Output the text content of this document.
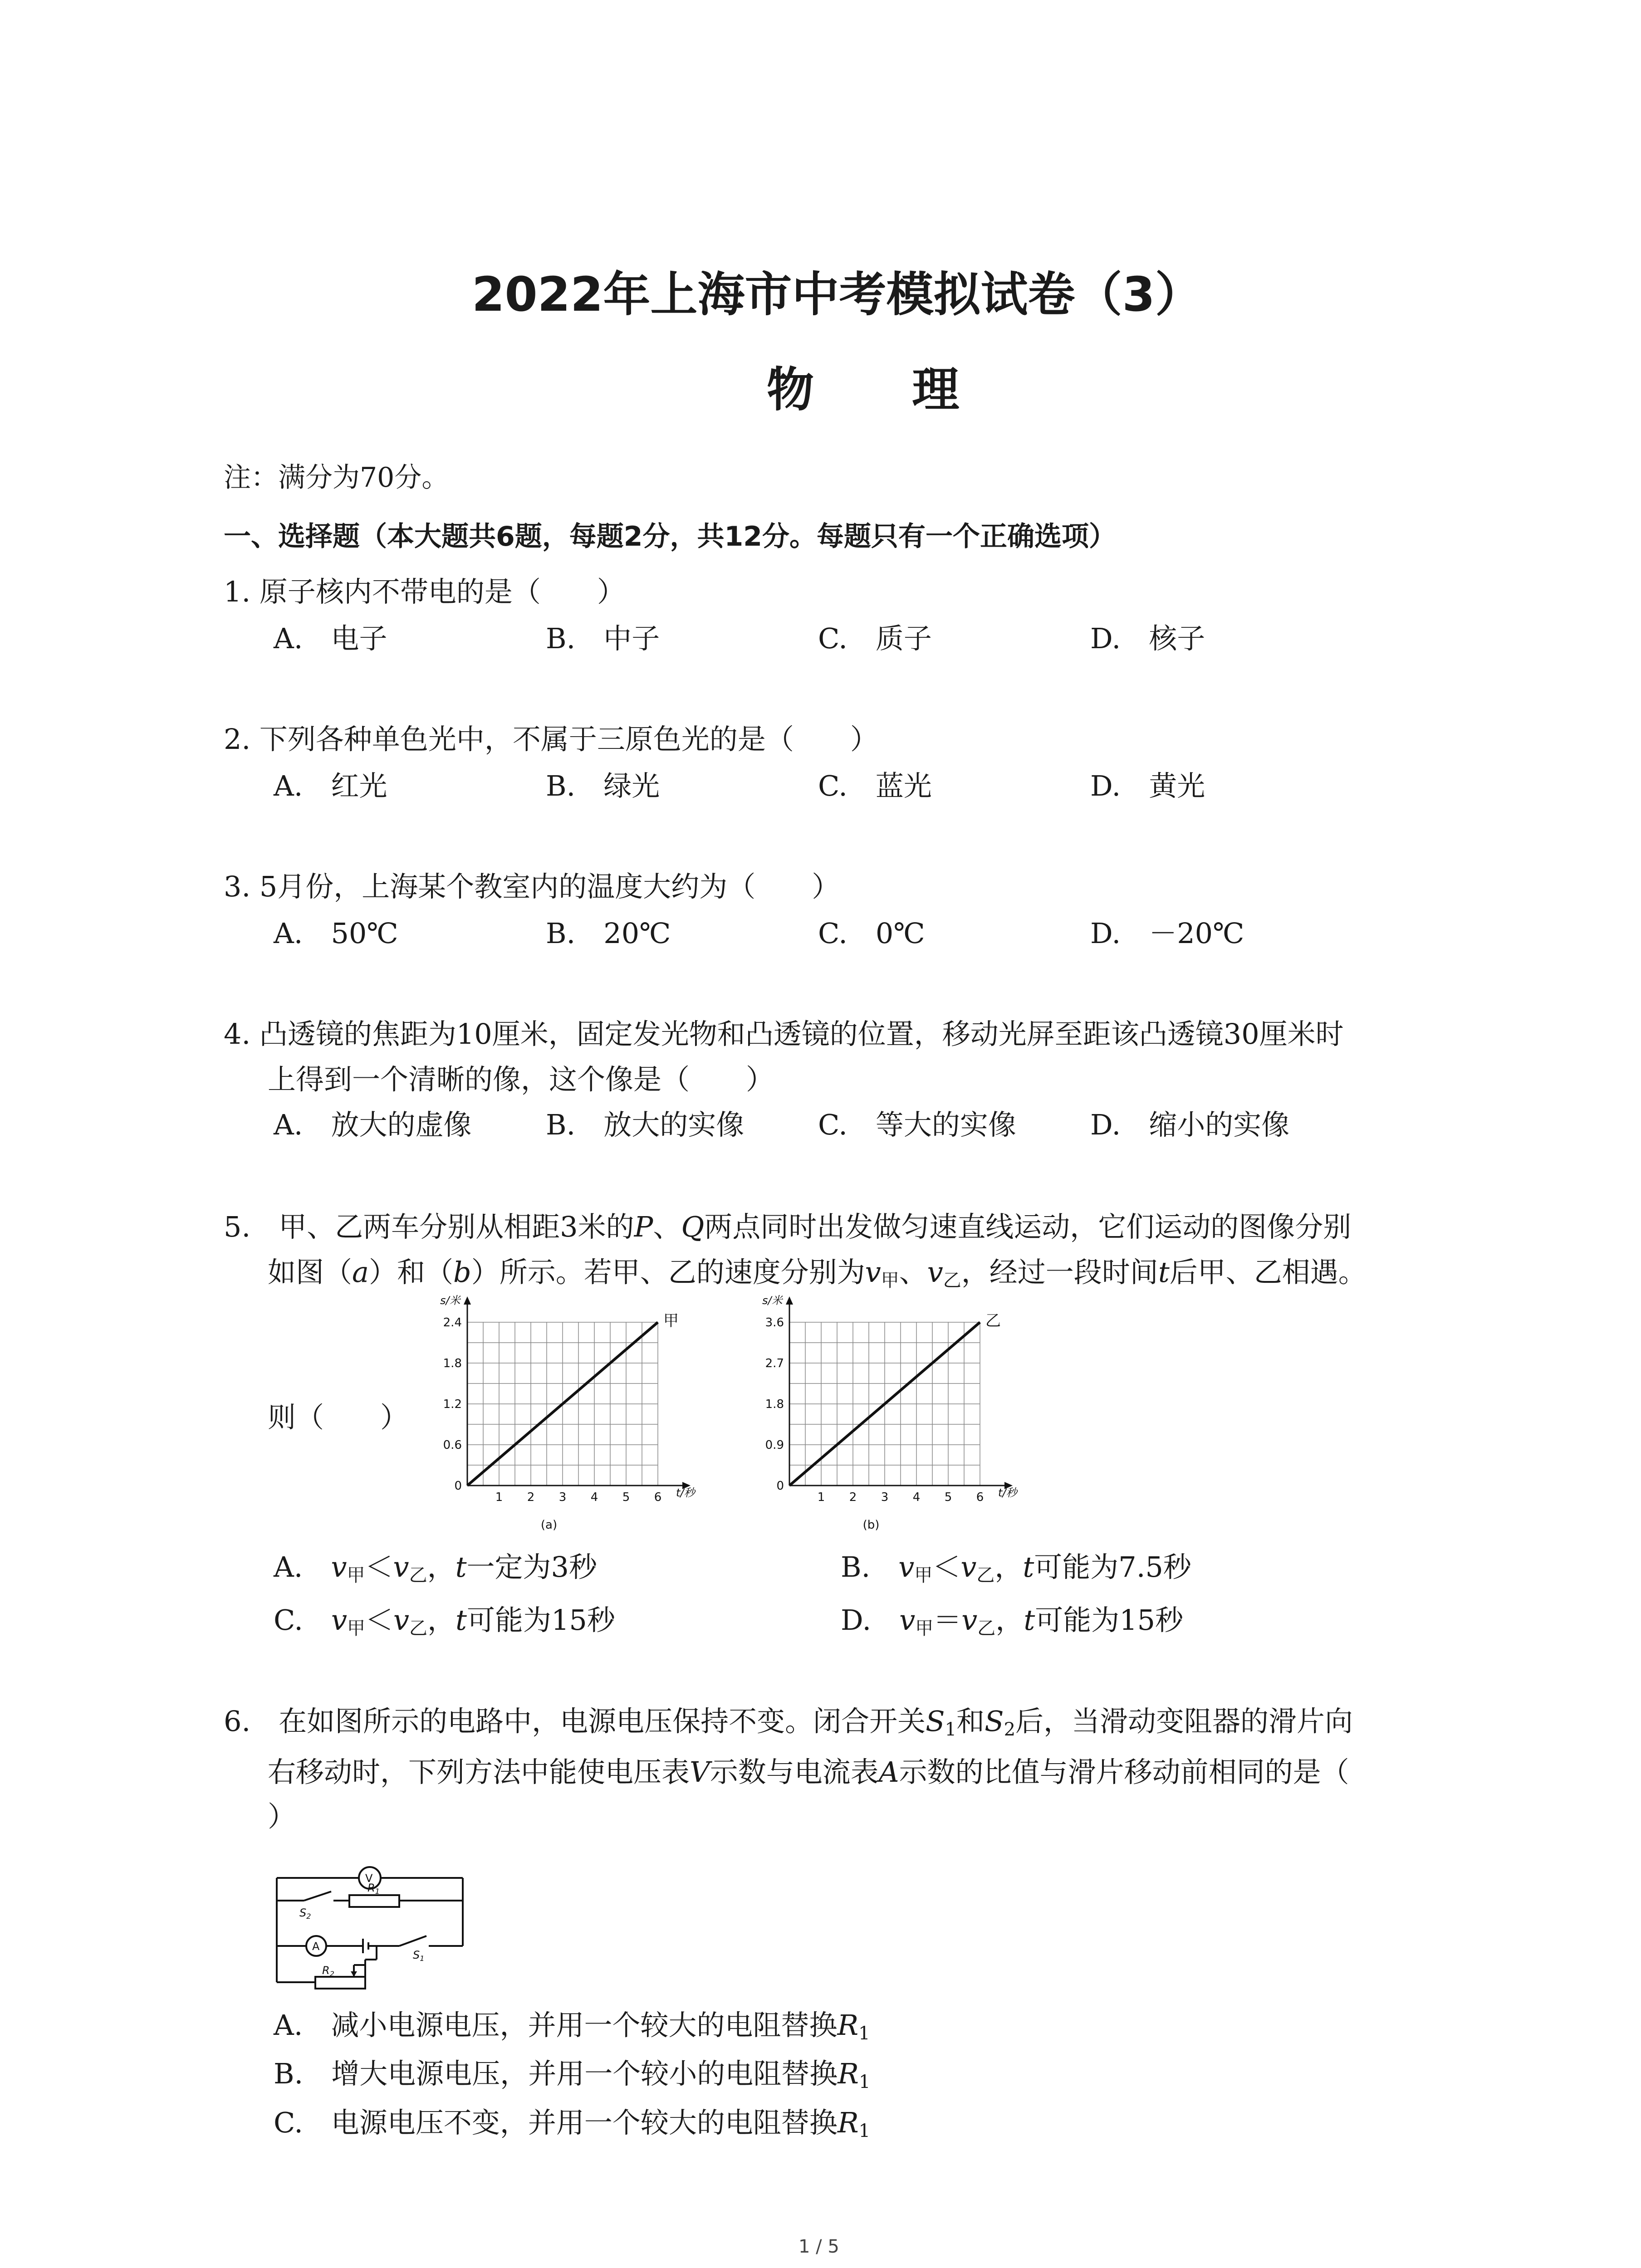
2022年上海市中考模拟试卷（3）
物 理
注：满分为70分。
一、选择题（本大题共6题，每题2分，共12分。每题只有一个正确选项）
1. 原子核内不带电的是（　　）
A.　电子	B.　中子	C.　质子	D.　核子
2. 下列各种单色光中，不属于三原色光的是（　　）
A.　红光	B.　绿光	C.　蓝光	D.　黄光
3. 5月份，上海某个教室内的温度大约为（　　）
A.　50℃	B.　20℃	C.　0℃	D.　－20℃
4. 凸透镜的焦距为10厘米，固定发光物和凸透镜的位置，移动光屏至距该凸透镜30厘米时
上得到一个清晰的像，这个像是（　　）
A.　放大的虚像	B.　放大的实像	C.　等大的实像	D.　缩小的实像
5.　甲、乙两车分别从相距3米的P、Q两点同时出发做匀速直线运动，它们运动的图像分别
如图（a）和（b）所示。若甲、乙的速度分别为$v_甲$、$v_乙$，经过一段时间t后甲、乙相遇。
则（　　）
1 2 3 4 5 6
0
0.6
1.2
1.8
2.4
s/米
t/秒
甲
(a)
1 2 3 4 5 6
0
0.9
1.8
2.7
3.6
s/米
t/秒
乙
(b)
A.　$v_甲<v_乙$，t一定为3秒	B.　$v_甲<v_乙$，t可能为7.5秒
C.　$v_甲<v_乙$，t可能为15秒	D.　$v_甲=v_乙$，t可能为15秒
6.　在如图所示的电路中，电源电压保持不变。闭合开关$S_1$和$S_2$后，当滑动变阻器的滑片向
右移动时，下列方法中能使电压表V示数与电流表A示数的比值与滑片移动前相同的是（
）
V
A
$R_1$
$S_2$
$S_1$
$R_2$
A.　减小电源电压，并用一个较大的电阻替换$R_1$
B.　增大电源电压，并用一个较小的电阻替换$R_1$
C.　电源电压不变，并用一个较大的电阻替换$R_1$
1 / 5
